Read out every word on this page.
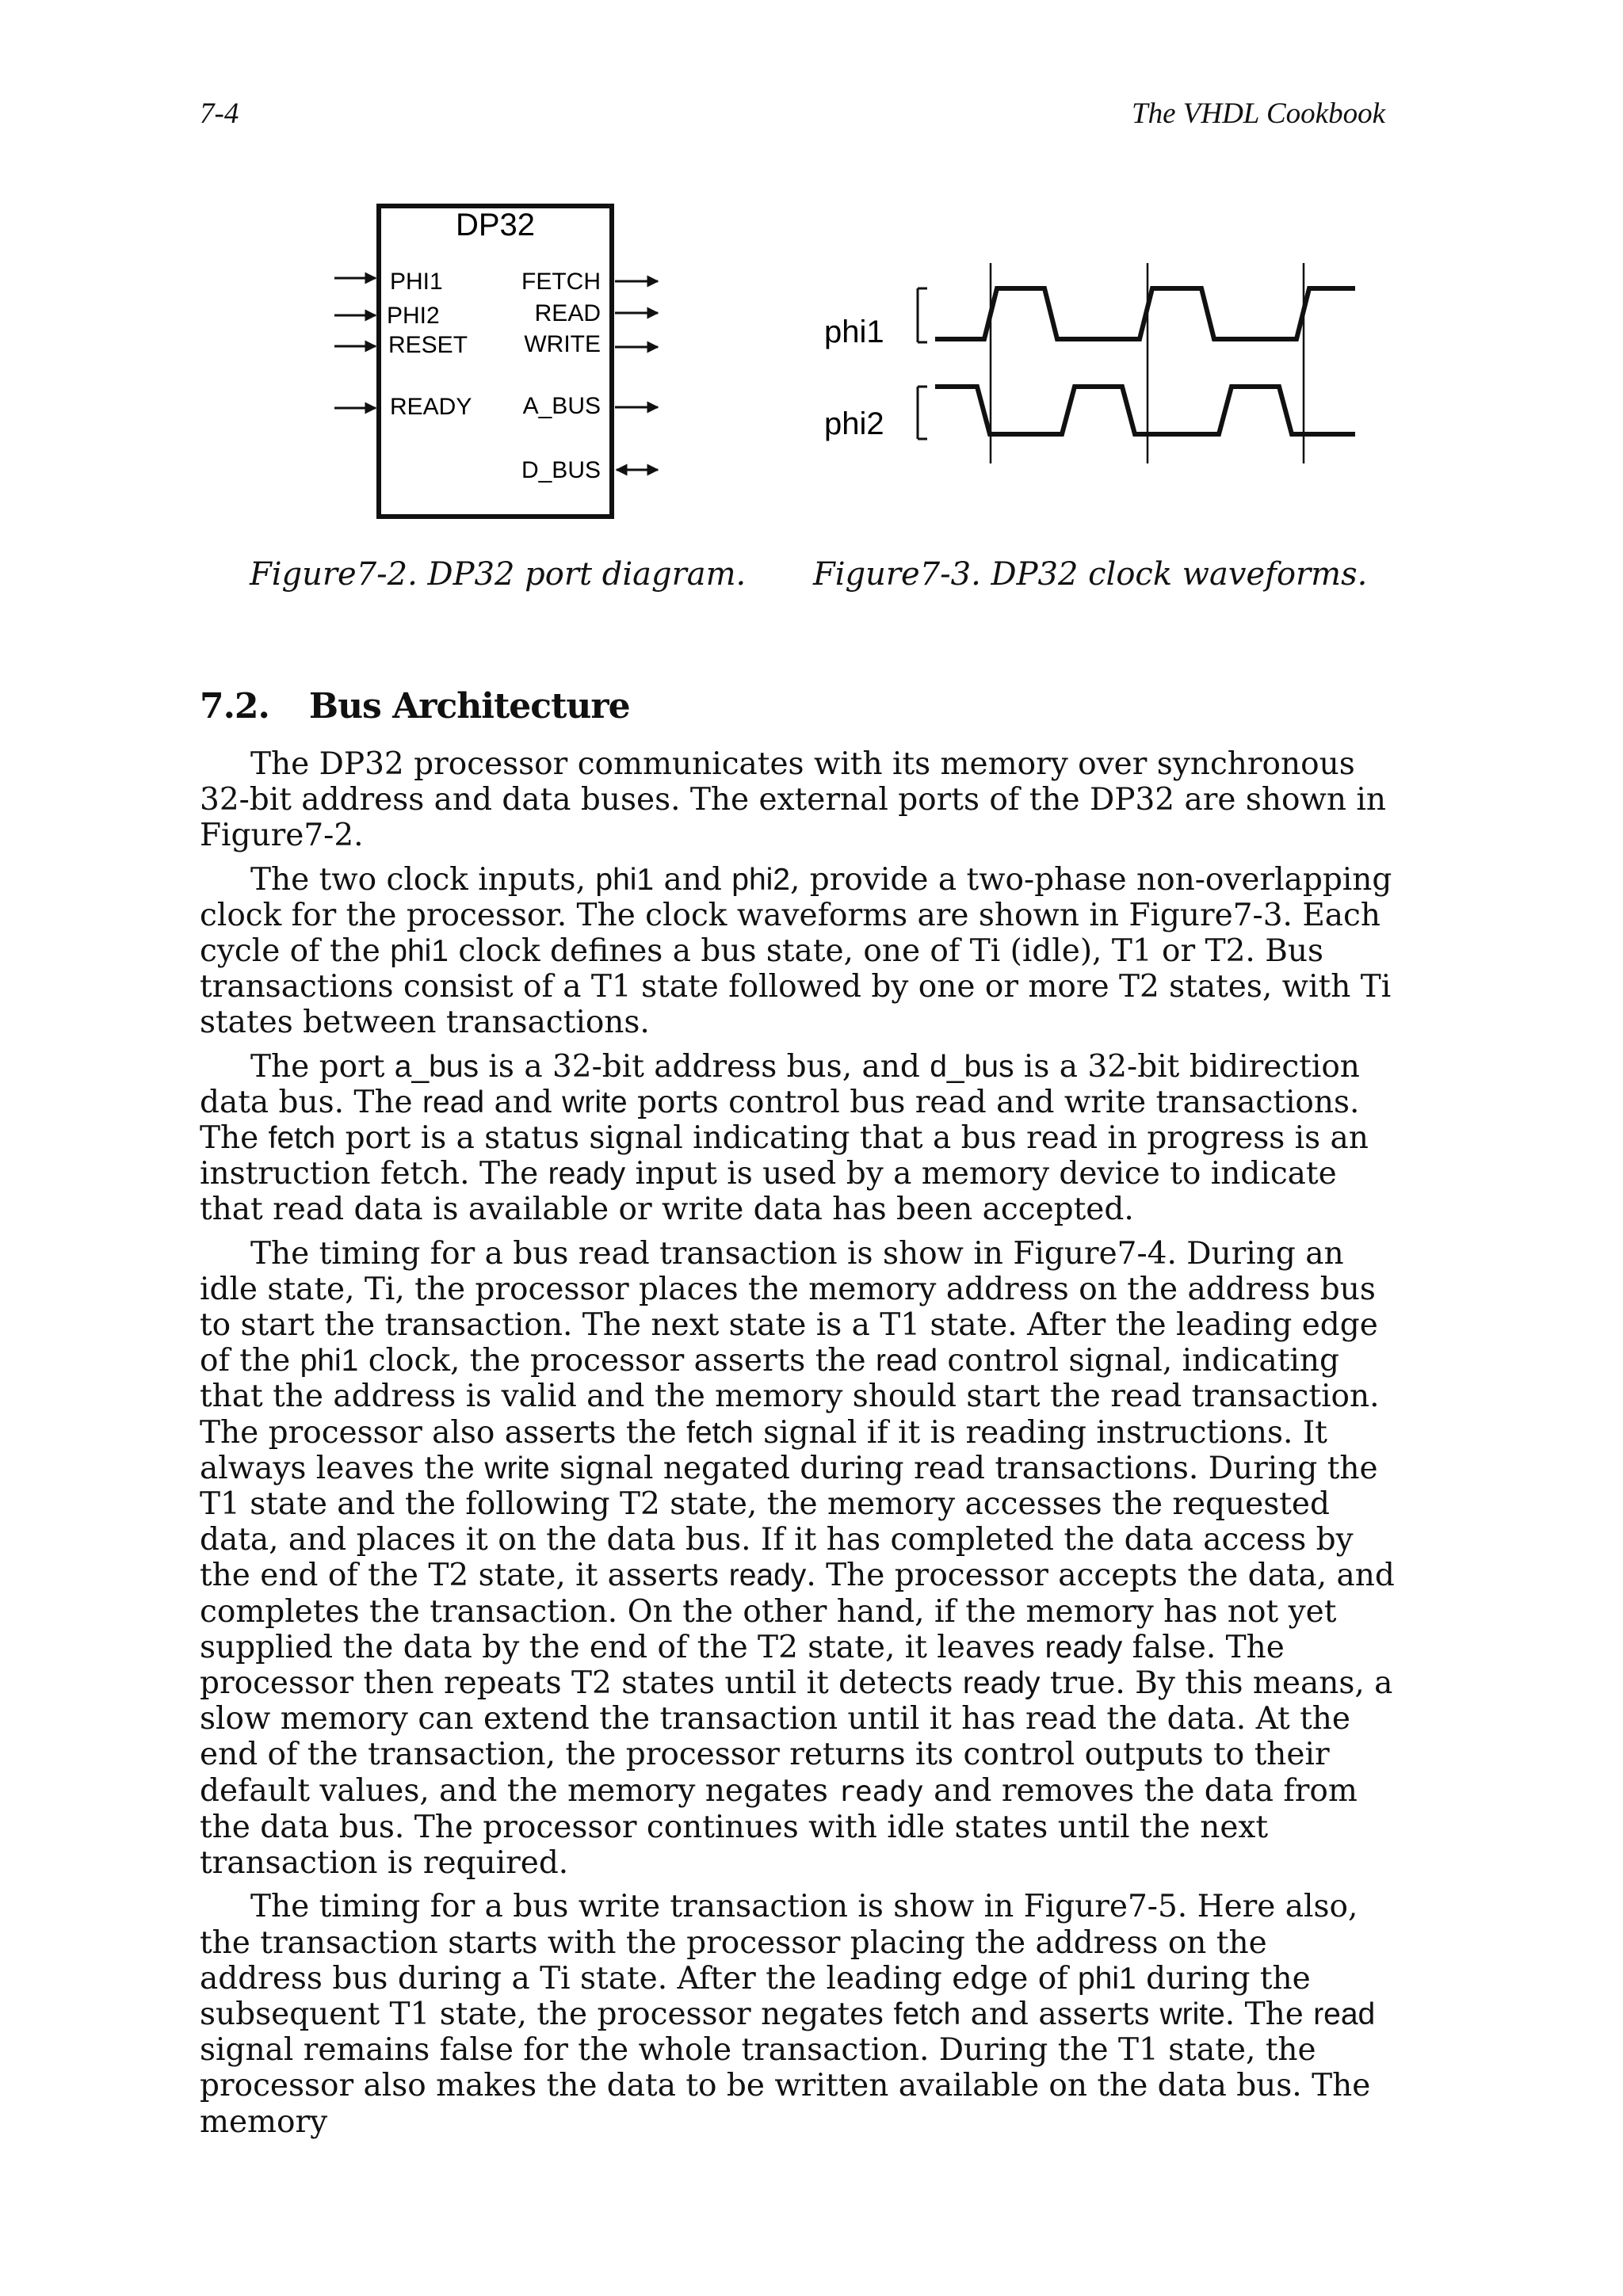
7-4	The VHDL Cookbook
DP32
PHI1
PHI2
RESET
READY
FETCH
READ
WRITE
A_BUS
D_BUS
phi1
phi2
Figure7-2. DP32 port diagram. Figure7-3. DP32 clock waveforms.
7.2. Bus Architecture

The DP32 processor communicates with its memory over synchronous 32-bit address and data buses. The external ports of the DP32 are shown in Figure7-2.

The two clock inputs, phi1 and phi2, provide a two-phase non-overlapping clock for the processor. The clock waveforms are shown in Figure7-3. Each cycle of the phi1 clock defines a bus state, one of Ti (idle), T1 or T2. Bus transactions consist of a T1 state followed by one or more T2 states, with Ti states between transactions.

The port a_bus is a 32-bit address bus, and d_bus is a 32-bit bidirection data bus. The read and write ports control bus read and write transactions. The fetch port is a status signal indicating that a bus read in progress is an instruction fetch. The ready input is used by a memory device to indicate that read data is available or write data has been accepted.

The timing for a bus read transaction is show in Figure7-4. During an idle state, Ti, the processor places the memory address on the address bus to start the transaction. The next state is a T1 state. After the leading edge of the phi1 clock, the processor asserts the read control signal, indicating that the address is valid and the memory should start the read transaction. The processor also asserts the fetch signal if it is reading instructions. It always leaves the write signal negated during read transactions. During the T1 state and the following T2 state, the memory accesses the requested data, and places it on the data bus. If it has completed the data access by the end of the T2 state, it asserts ready. The processor accepts the data, and completes the transaction. On the other hand, if the memory has not yet supplied the data by the end of the T2 state, it leaves ready false. The processor then repeats T2 states until it detects ready true. By this means, a slow memory can extend the transaction until it has read the data. At the end of the transaction, the processor returns its control outputs to their default values, and the memory negates ready and removes the data from the data bus. The processor continues with idle states until the next transaction is required.

The timing for a bus write transaction is show in Figure7-5. Here also, the transaction starts with the processor placing the address on the address bus during a Ti state. After the leading edge of phi1 during the subsequent T1 state, the processor negates fetch and asserts write. The read signal remains false for the whole transaction. During the T1 state, the processor also makes the data to be written available on the data bus. The memory
